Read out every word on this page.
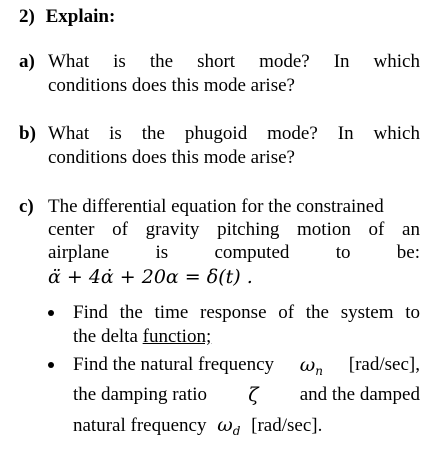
2) Explain:
a) What is the short mode? In which
conditions does this mode arise?
b) What is the phugoid mode? In which
conditions does this mode arise?
c) The differential equation for the constrained
center of gravity pitching motion of an
airplane is computed to be:
α̈ + 4α̇ + 20α = δ(t) .
Find the time response of the system to
the delta function;
Find the natural frequency $\omega_n$ [rad/sec],
the damping ratio ζ and the damped
natural frequency $\omega_d$ [rad/sec].
